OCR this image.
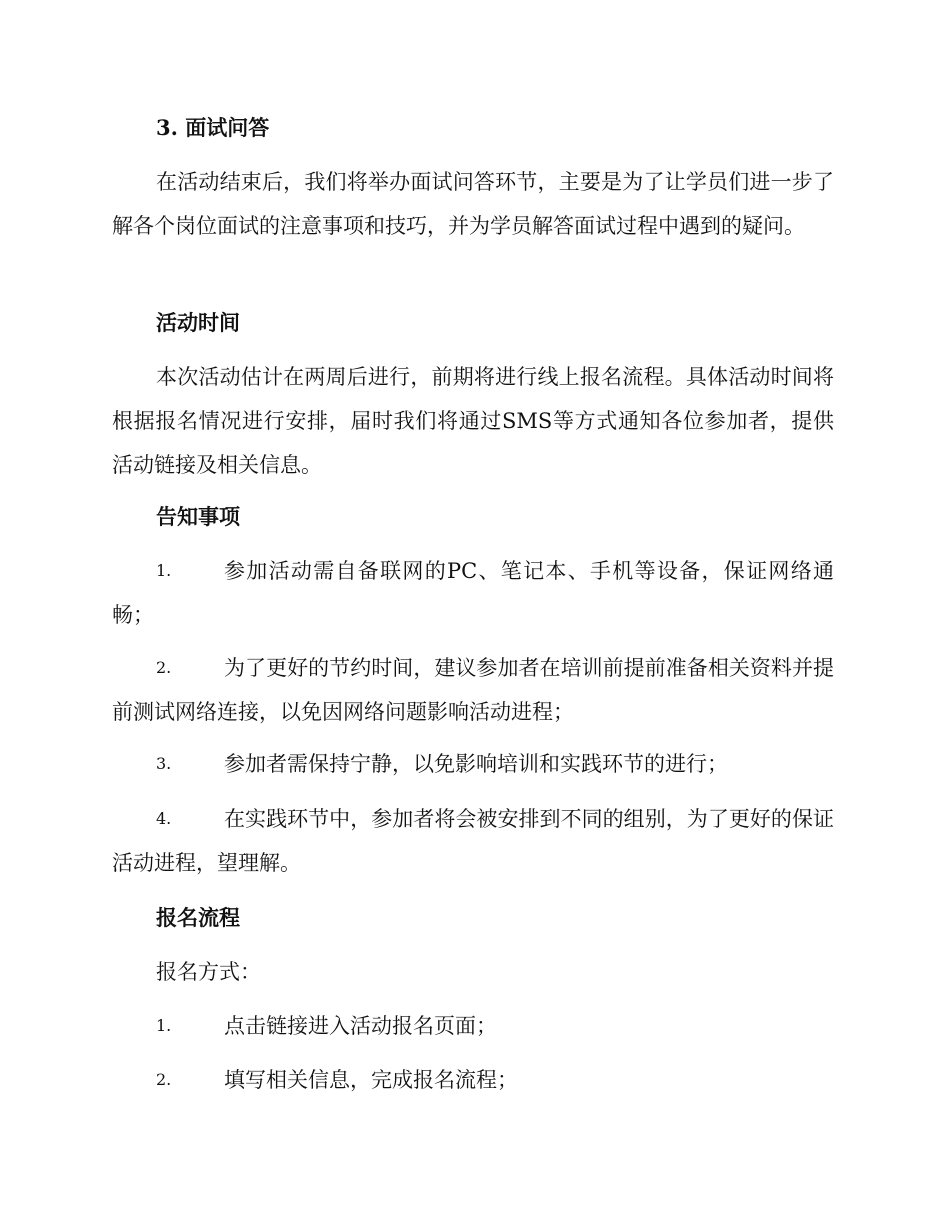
3. 面试问答
在活动结束后，我们将举办面试问答环节，主要是为了让学员们进一步了解各个岗位面试的注意事项和技巧，并为学员解答面试过程中遇到的疑问。
活动时间
本次活动估计在两周后进行，前期将进行线上报名流程。具体活动时间将根据报名情况进行安排，届时我们将通过SMS等方式通知各位参加者，提供活动链接及相关信息。
告知事项
1.	参加活动需自备联网的PC、笔记本、手机等设备，保证网络通畅；
2.	为了更好的节约时间，建议参加者在培训前提前准备相关资料并提前测试网络连接，以免因网络问题影响活动进程；
3.	参加者需保持宁静，以免影响培训和实践环节的进行；
4.	在实践环节中，参加者将会被安排到不同的组别，为了更好的保证活动进程，望理解。
报名流程
报名方式：
1.	点击链接进入活动报名页面；
2.	填写相关信息，完成报名流程；
